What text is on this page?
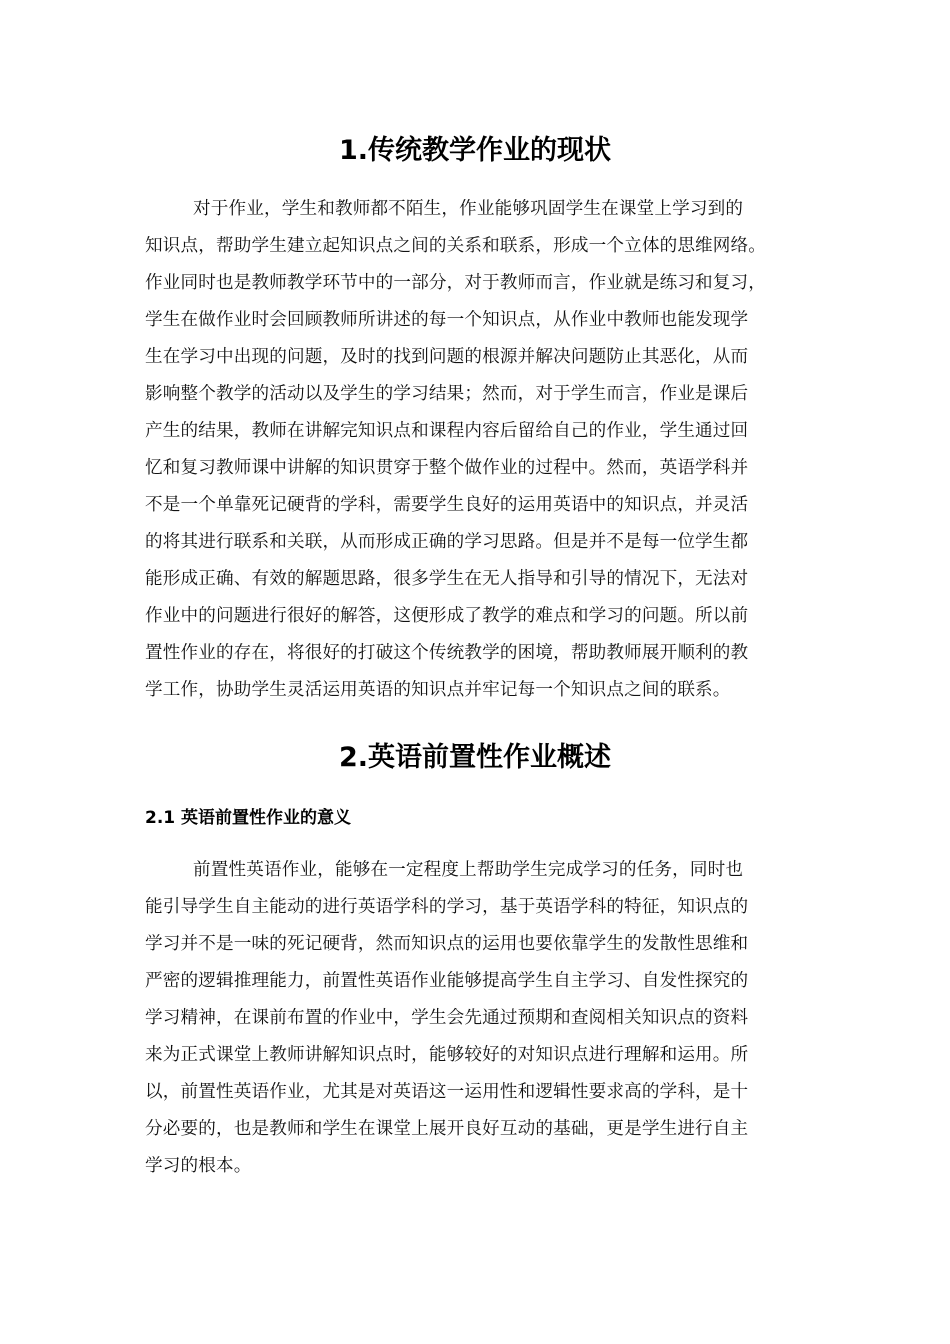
1.传统教学作业的现状
对于作业，学生和教师都不陌生，作业能够巩固学生在课堂上学习到的
知识点，帮助学生建立起知识点之间的关系和联系，形成一个立体的思维网络。
作业同时也是教师教学环节中的一部分，对于教师而言，作业就是练习和复习，
学生在做作业时会回顾教师所讲述的每一个知识点，从作业中教师也能发现学
生在学习中出现的问题，及时的找到问题的根源并解决问题防止其恶化，从而
影响整个教学的活动以及学生的学习结果；然而，对于学生而言，作业是课后
产生的结果，教师在讲解完知识点和课程内容后留给自己的作业，学生通过回
忆和复习教师课中讲解的知识贯穿于整个做作业的过程中。然而，英语学科并
不是一个单靠死记硬背的学科，需要学生良好的运用英语中的知识点，并灵活
的将其进行联系和关联，从而形成正确的学习思路。但是并不是每一位学生都
能形成正确、有效的解题思路，很多学生在无人指导和引导的情况下，无法对
作业中的问题进行很好的解答，这便形成了教学的难点和学习的问题。所以前
置性作业的存在，将很好的打破这个传统教学的困境，帮助教师展开顺利的教
学工作，协助学生灵活运用英语的知识点并牢记每一个知识点之间的联系。
2.英语前置性作业概述
2.1 英语前置性作业的意义
前置性英语作业，能够在一定程度上帮助学生完成学习的任务，同时也
能引导学生自主能动的进行英语学科的学习，基于英语学科的特征，知识点的
学习并不是一味的死记硬背，然而知识点的运用也要依靠学生的发散性思维和
严密的逻辑推理能力，前置性英语作业能够提高学生自主学习、自发性探究的
学习精神，在课前布置的作业中，学生会先通过预期和查阅相关知识点的资料
来为正式课堂上教师讲解知识点时，能够较好的对知识点进行理解和运用。所
以，前置性英语作业，尤其是对英语这一运用性和逻辑性要求高的学科，是十
分必要的，也是教师和学生在课堂上展开良好互动的基础，更是学生进行自主
学习的根本。
